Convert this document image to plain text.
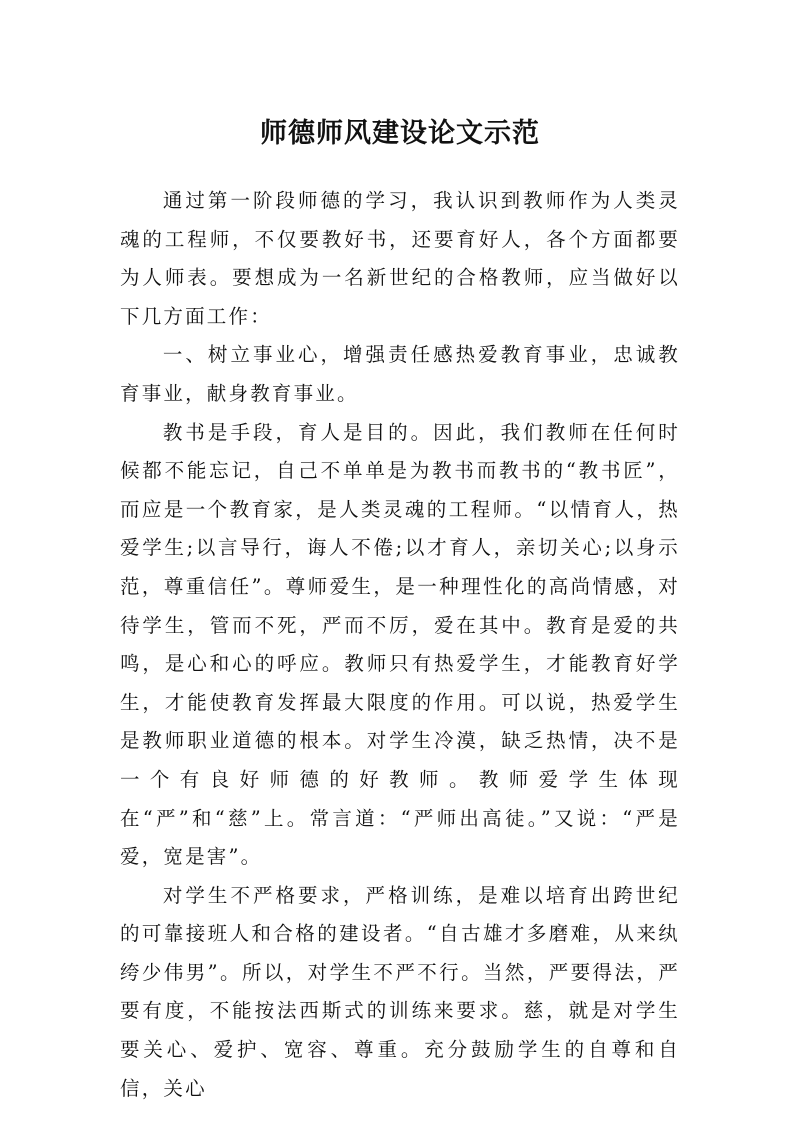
师德师风建设论文示范

通过第一阶段师德的学习，我认识到教师作为人类灵魂的工程师，不仅要教好书，还要育好人，各个方面都要为人师表。要想成为一名新世纪的合格教师，应当做好以下几方面工作：

一、树立事业心，增强责任感热爱教育事业，忠诚教育事业，献身教育事业。

教书是手段，育人是目的。因此，我们教师在任何时候都不能忘记，自己不单单是为教书而教书的“教书匠”，而应是一个教育家，是人类灵魂的工程师。“以情育人，热爱学生;以言导行，诲人不倦;以才育人，亲切关心;以身示范，尊重信任”。尊师爱生，是一种理性化的高尚情感，对待学生，管而不死，严而不厉，爱在其中。教育是爱的共鸣，是心和心的呼应。教师只有热爱学生，才能教育好学生，才能使教育发挥最大限度的作用。可以说，热爱学生是教师职业道德的根本。对学生冷漠，缺乏热情，决不是一个有良好师德的好教师。教师爱学生体现在“严”和“慈”上。常言道：“严师出高徒。”又说：“严是爱，宽是害”。

对学生不严格要求，严格训练，是难以培育出跨世纪的可靠接班人和合格的建设者。“自古雄才多磨难，从来纨绔少伟男”。所以，对学生不严不行。当然，严要得法，严要有度，不能按法西斯式的训练来要求。慈，就是对学生要关心、爱护、宽容、尊重。充分鼓励学生的自尊和自信，关心
